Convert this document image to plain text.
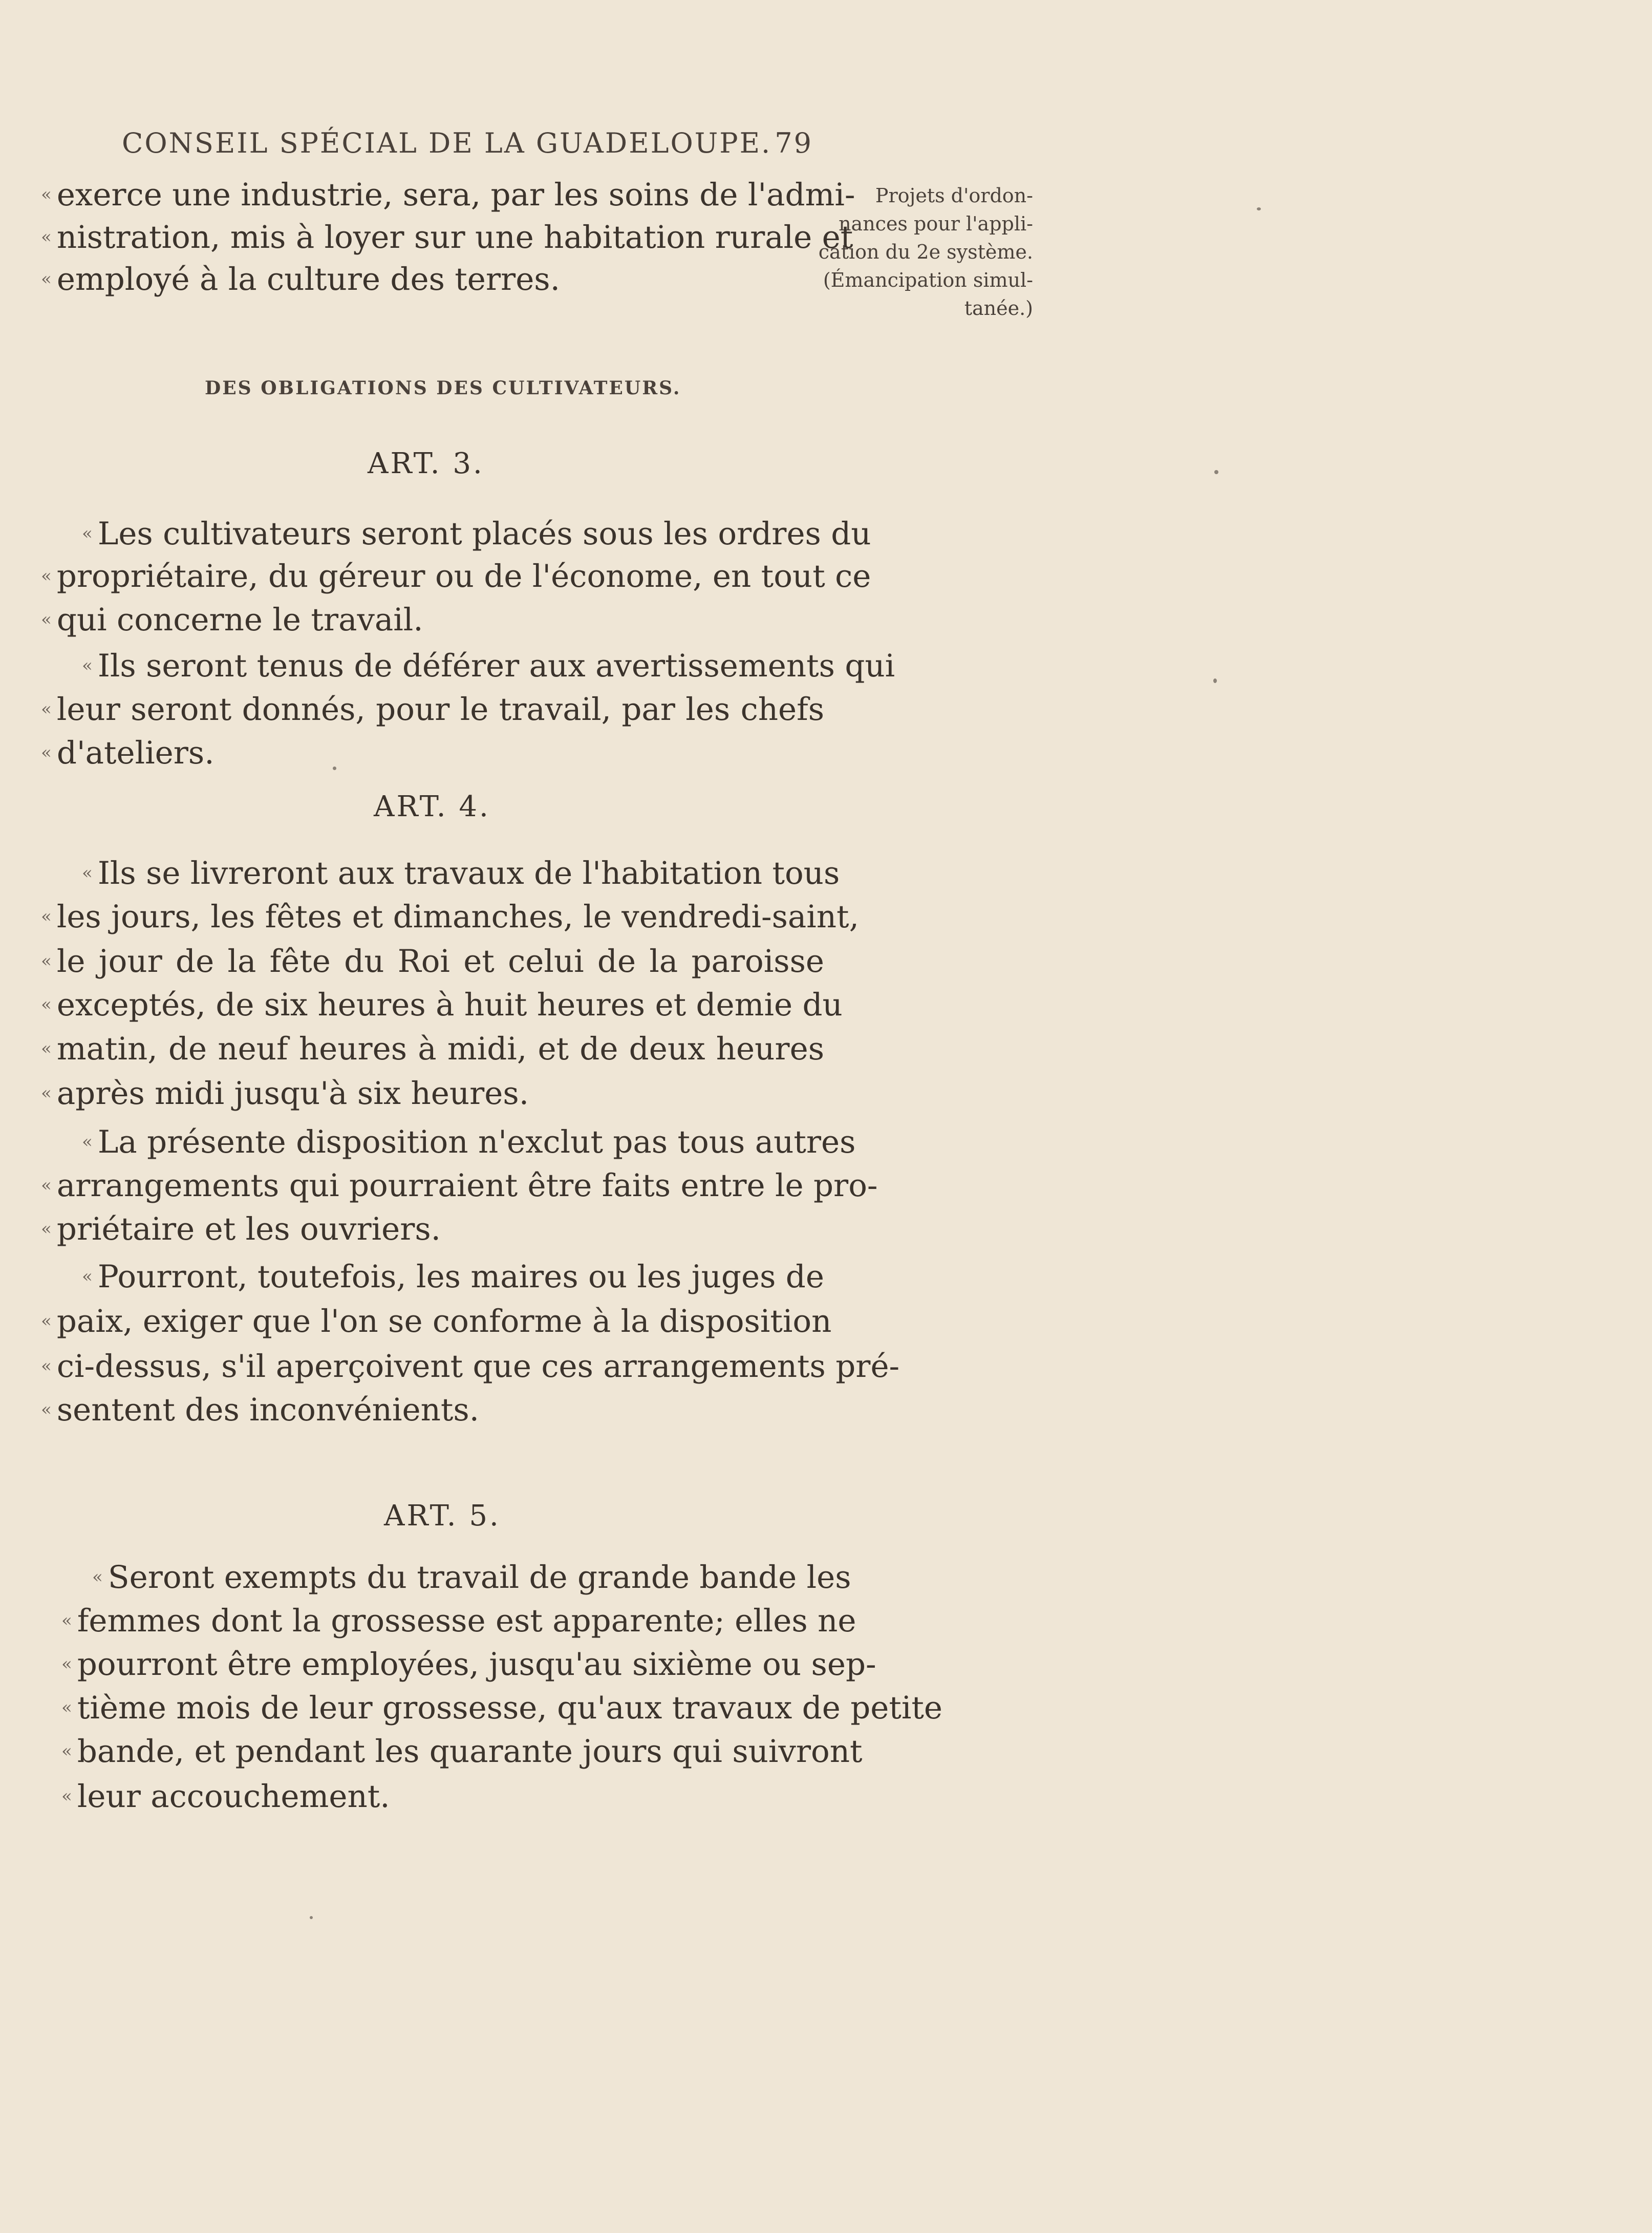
CONSEIL SPÉCIAL DE LA GUADELOUPE. 79
Projets d'ordon-
nances pour l'appli-
cation du 2e système.
(Émancipation simul-
tanée.)
« exerce une industrie, sera, par les soins de l'admi-
« nistration, mis à loyer sur une habitation rurale et
« employé à la culture des terres.
DES OBLIGATIONS DES CULTIVATEURS.
ART. 3.
« Les cultivateurs seront placés sous les ordres du
« propriétaire, du géreur ou de l'économe, en tout ce
« qui concerne le travail.
« Ils seront tenus de déférer aux avertissements qui
« leur seront donnés, pour le travail, par les chefs
« d'ateliers.
ART. 4.
« Ils se livreront aux travaux de l'habitation tous
« les jours, les fêtes et dimanches, le vendredi-saint,
« le jour de la fête du Roi et celui de la paroisse
« exceptés, de six heures à huit heures et demie du
« matin, de neuf heures à midi, et de deux heures
« après midi jusqu'à six heures.
« La présente disposition n'exclut pas tous autres
« arrangements qui pourraient être faits entre le pro-
« priétaire et les ouvriers.
« Pourront, toutefois, les maires ou les juges de
« paix, exiger que l'on se conforme à la disposition
« ci-dessus, s'il aperçoivent que ces arrangements pré-
« sentent des inconvénients.
ART. 5.
« Seront exempts du travail de grande bande les
« femmes dont la grossesse est apparente; elles ne
« pourront être employées, jusqu'au sixième ou sep-
« tième mois de leur grossesse, qu'aux travaux de petite
« bande, et pendant les quarante jours qui suivront
« leur accouchement.
